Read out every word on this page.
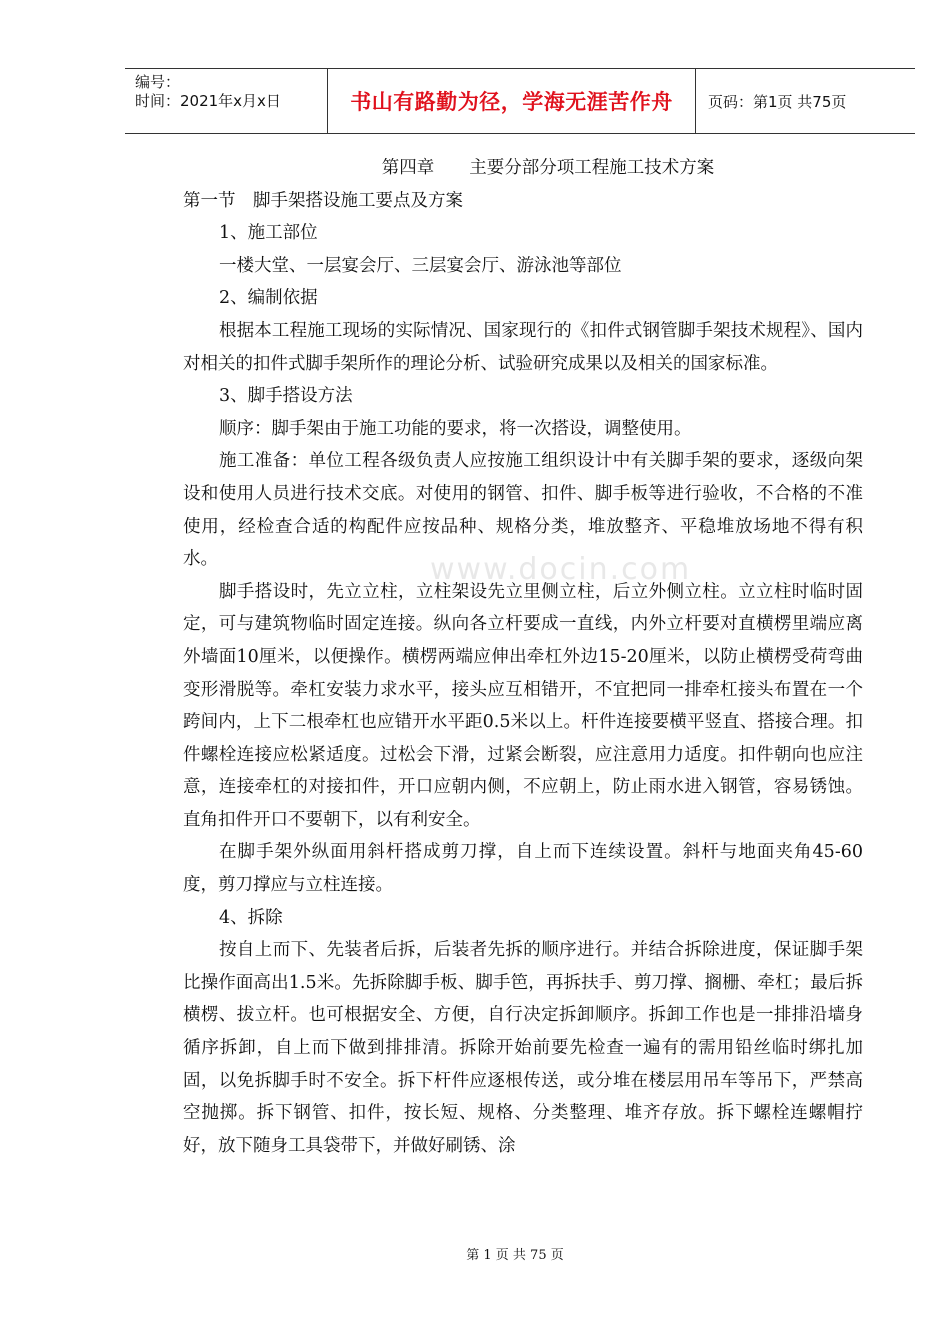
编号：
时间：2021年x月x日	书山有路勤为径，学海无涯苦作舟	页码：第1页 共75页
www.docin.com
第四章　　主要分部分项工程施工技术方案
第一节　脚手架搭设施工要点及方案

1、施工部位

一楼大堂、一层宴会厅、三层宴会厅、游泳池等部位

2、编制依据

根据本工程施工现场的实际情况、国家现行的《扣件式钢管脚手架技术规程》、国内对相关的扣件式脚手架所作的理论分析、试验研究成果以及相关的国家标准。

3、脚手搭设方法

顺序：脚手架由于施工功能的要求，将一次搭设，调整使用。

施工准备：单位工程各级负责人应按施工组织设计中有关脚手架的要求，逐级向架设和使用人员进行技术交底。对使用的钢管、扣件、脚手板等进行验收，不合格的不准使用，经检查合适的构配件应按品种、规格分类，堆放整齐、平稳堆放场地不得有积水。

脚手搭设时，先立立柱，立柱架设先立里侧立柱，后立外侧立柱。立立柱时临时固定，可与建筑物临时固定连接。纵向各立杆要成一直线，内外立杆要对直横楞里端应离外墙面10厘米，以便操作。横楞两端应伸出牵杠外边15-20厘米，以防止横楞受荷弯曲变形滑脱等。牵杠安装力求水平，接头应互相错开，不宜把同一排牵杠接头布置在一个跨间内，上下二根牵杠也应错开水平距0.5米以上。杆件连接要横平竖直、搭接合理。扣件螺栓连接应松紧适度。过松会下滑，过紧会断裂，应注意用力适度。扣件朝向也应注意，连接牵杠的对接扣件，开口应朝内侧，不应朝上，防止雨水进入钢管，容易锈蚀。直角扣件开口不要朝下，以有利安全。

在脚手架外纵面用斜杆搭成剪刀撑，自上而下连续设置。斜杆与地面夹角45-60度，剪刀撑应与立柱连接。

4、拆除

按自上而下、先装者后拆，后装者先拆的顺序进行。并结合拆除进度，保证脚手架比操作面高出1.5米。先拆除脚手板、脚手笆，再拆扶手、剪刀撑、搁栅、牵杠；最后拆横楞、拔立杆。也可根据安全、方便，自行决定拆卸顺序。拆卸工作也是一排排沿墙身循序拆卸，自上而下做到排排清。拆除开始前要先检查一遍有的需用铅丝临时绑扎加固，以免拆脚手时不安全。拆下杆件应逐根传送，或分堆在楼层用吊车等吊下，严禁高空抛掷。拆下钢管、扣件，按长短、规格、分类整理、堆齐存放。拆下螺栓连螺帽拧好，放下随身工具袋带下，并做好刷锈、涂

第 1 页 共 75 页
